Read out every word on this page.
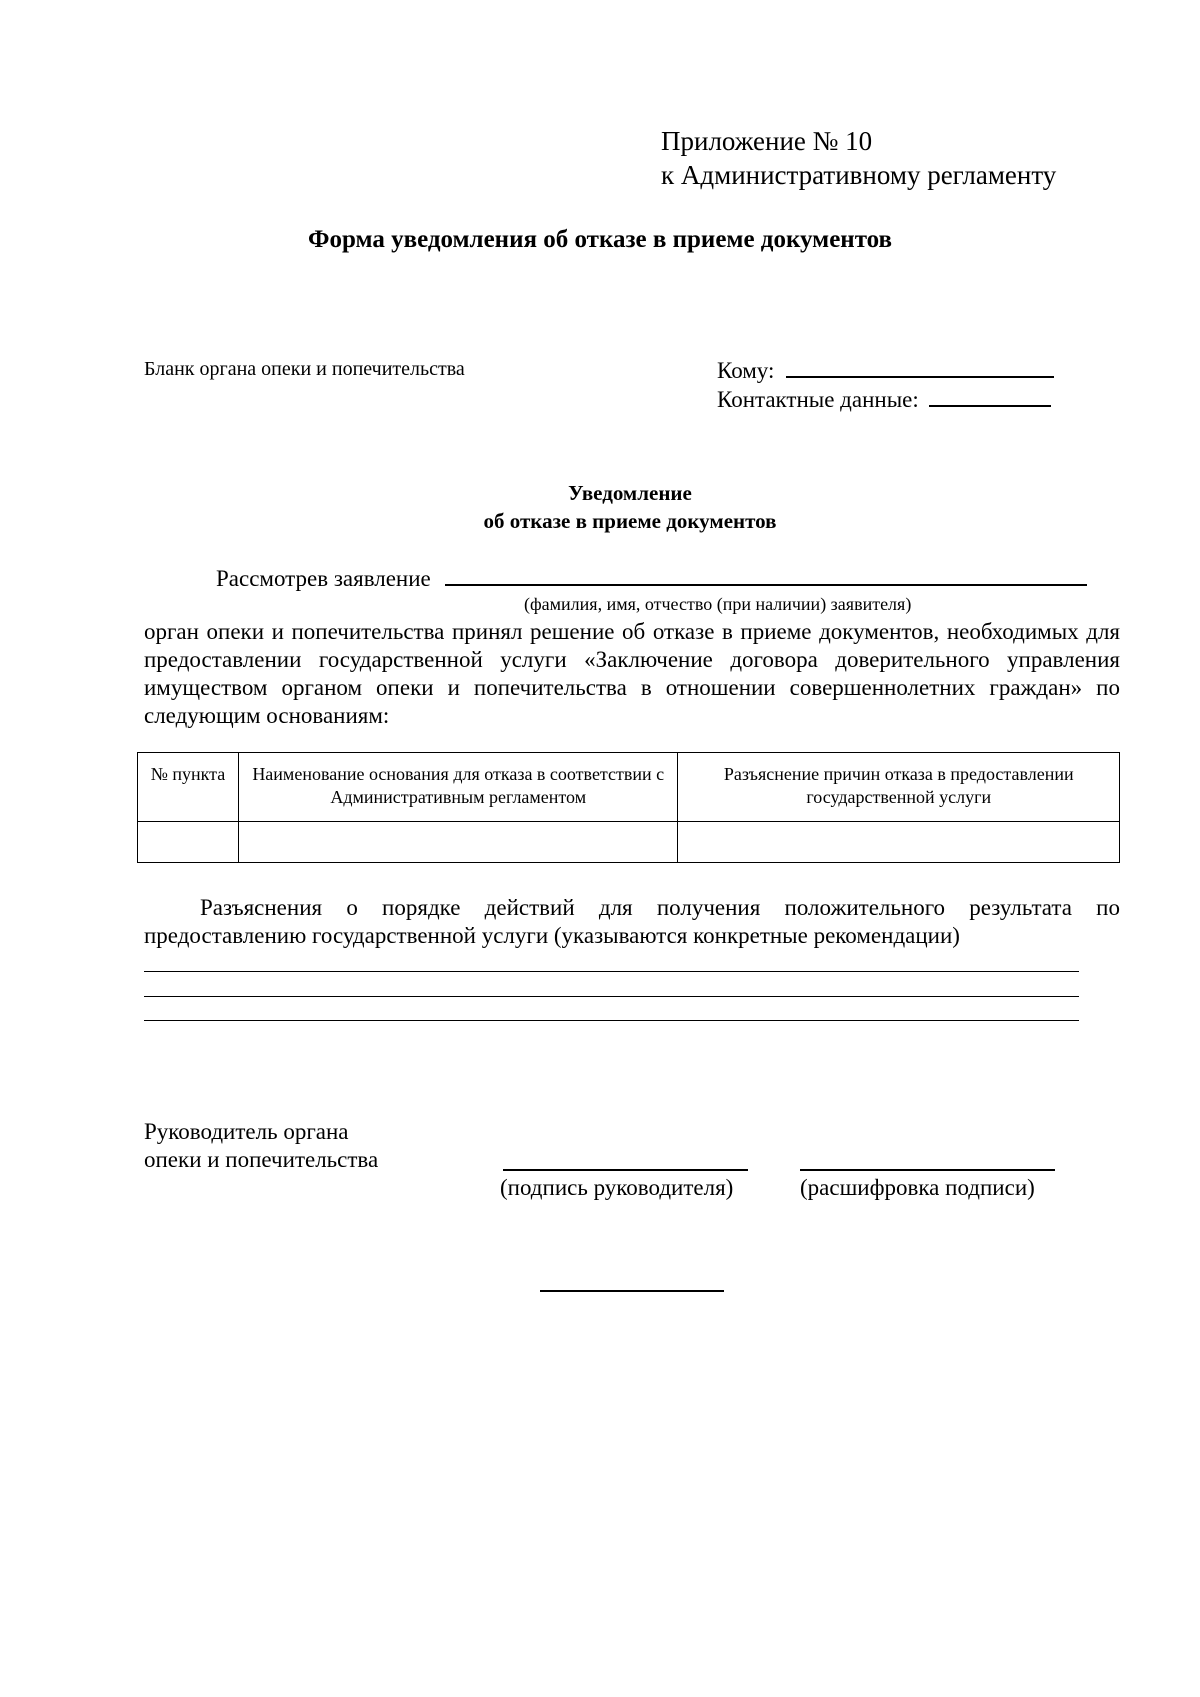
Приложение № 10
к Административному регламенту
Форма уведомления об отказе в приеме документов
Бланк органа опеки и попечительства	Кому:
Контактные данные:
Уведомление
об отказе в приеме документов
Рассмотрев заявление
(фамилия, имя, отчество (при наличии) заявителя)
орган опеки и попечительства принял решение об отказе в приеме документов, необходимых для предоставлении государственной услуги «Заключение договора доверительного управления имуществом органом опеки и попечительства в отношении совершеннолетних граждан» по следующим основаниям:
№ пункта	Наименование основания для отказа в соответствии с Административным регламентом	Разъяснение причин отказа в предоставлении государственной услуги

Разъяснения о порядке действий для получения положительного результата по предоставлению государственной услуги (указываются конкретные рекомендации)
Руководитель органа
опеки и попечительства
(подпись руководителя)	(расшифровка подписи)
